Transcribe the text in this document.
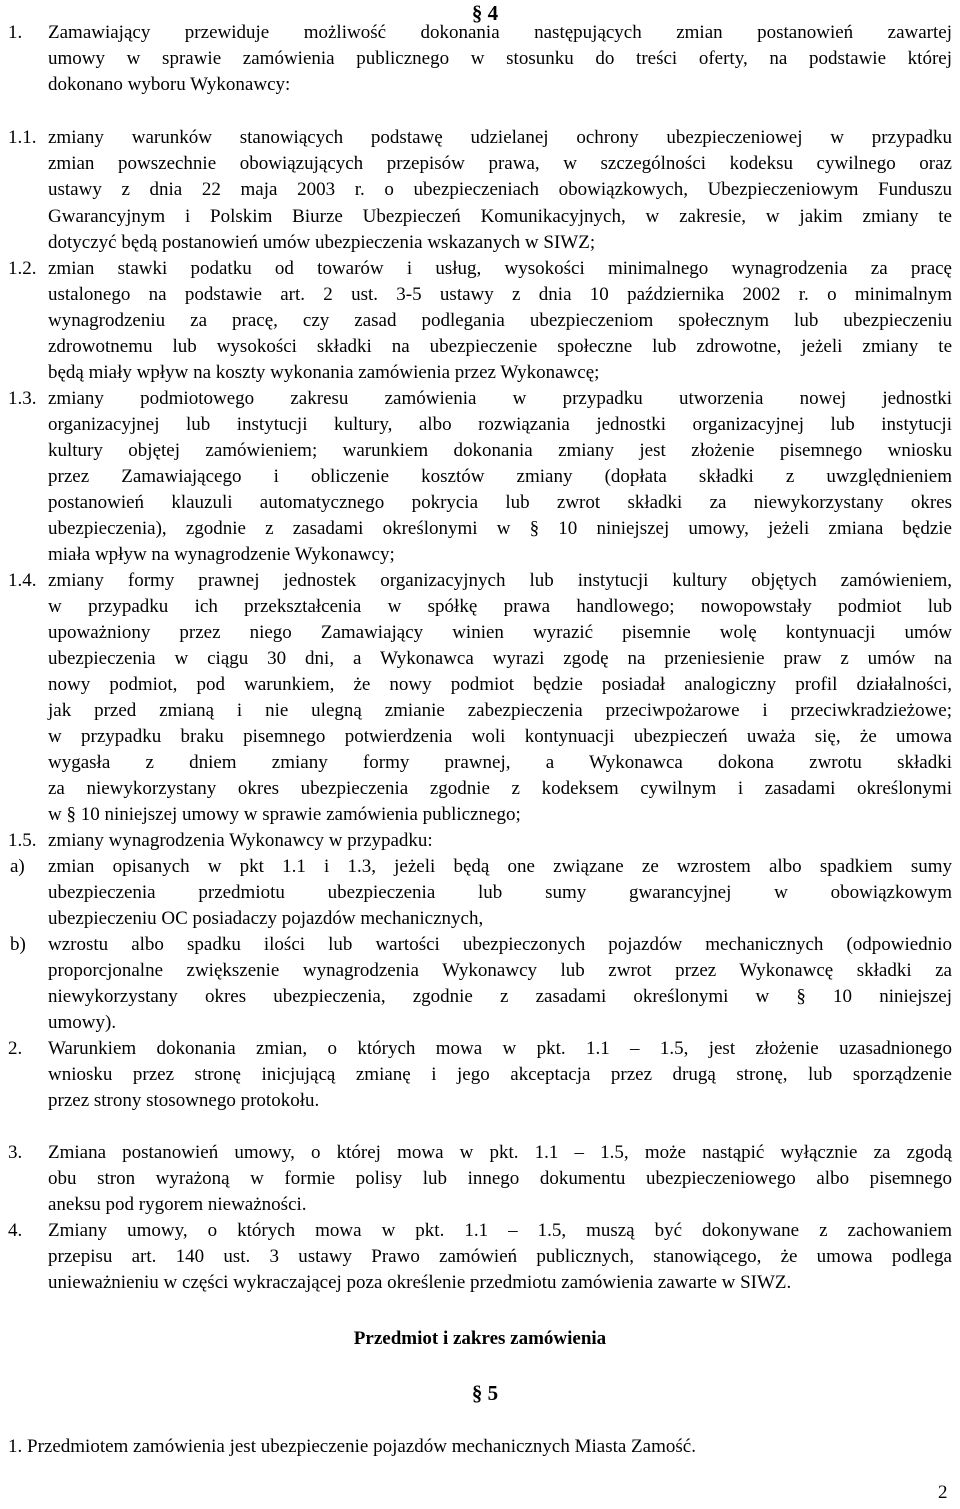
§ 4
1. Zamawiający przewiduje możliwość dokonania następujących zmian postanowień zawartej
umowy w sprawie zamówienia publicznego w stosunku do treści oferty, na podstawie której
dokonano wyboru Wykonawcy:
1.1. zmiany warunków stanowiących podstawę udzielanej ochrony ubezpieczeniowej w przypadku
zmian powszechnie obowiązujących przepisów prawa, w szczególności kodeksu cywilnego oraz
ustawy z dnia 22 maja 2003 r. o ubezpieczeniach obowiązkowych, Ubezpieczeniowym Funduszu
Gwarancyjnym i Polskim Biurze Ubezpieczeń Komunikacyjnych, w zakresie, w jakim zmiany te
dotyczyć będą postanowień umów ubezpieczenia wskazanych w SIWZ;
1.2. zmian stawki podatku od towarów i usług, wysokości minimalnego wynagrodzenia za pracę
ustalonego na podstawie art. 2 ust. 3-5 ustawy z dnia 10 października 2002 r. o minimalnym
wynagrodzeniu za pracę, czy zasad podlegania ubezpieczeniom społecznym lub ubezpieczeniu
zdrowotnemu lub wysokości składki na ubezpieczenie społeczne lub zdrowotne, jeżeli zmiany te
będą miały wpływ na koszty wykonania zamówienia przez Wykonawcę;
1.3. zmiany podmiotowego zakresu zamówienia w przypadku utworzenia nowej jednostki
organizacyjnej lub instytucji kultury, albo rozwiązania jednostki organizacyjnej lub instytucji
kultury objętej zamówieniem; warunkiem dokonania zmiany jest złożenie pisemnego wniosku
przez Zamawiającego i obliczenie kosztów zmiany (dopłata składki z uwzględnieniem
postanowień klauzuli automatycznego pokrycia lub zwrot składki za niewykorzystany okres
ubezpieczenia), zgodnie z zasadami określonymi w § 10 niniejszej umowy, jeżeli zmiana będzie
miała wpływ na wynagrodzenie Wykonawcy;
1.4. zmiany formy prawnej jednostek organizacyjnych lub instytucji kultury objętych zamówieniem,
w przypadku ich przekształcenia w spółkę prawa handlowego; nowopowstały podmiot lub
upoważniony przez niego Zamawiający winien wyrazić pisemnie wolę kontynuacji umów
ubezpieczenia w ciągu 30 dni, a Wykonawca wyrazi zgodę na przeniesienie praw z umów na
nowy podmiot, pod warunkiem, że nowy podmiot będzie posiadał analogiczny profil działalności,
jak przed zmianą i nie ulegną zmianie zabezpieczenia przeciwpożarowe i przeciwkradzieżowe;
w przypadku braku pisemnego potwierdzenia woli kontynuacji ubezpieczeń uważa się, że umowa
wygasła z dniem zmiany formy prawnej, a Wykonawca dokona zwrotu składki
za niewykorzystany okres ubezpieczenia zgodnie z kodeksem cywilnym i zasadami określonymi
w § 10 niniejszej umowy w sprawie zamówienia publicznego;
1.5. zmiany wynagrodzenia Wykonawcy w przypadku:
a) zmian opisanych w pkt 1.1 i 1.3, jeżeli będą one związane ze wzrostem albo spadkiem sumy
ubezpieczenia przedmiotu ubezpieczenia lub sumy gwarancyjnej w obowiązkowym
ubezpieczeniu OC posiadaczy pojazdów mechanicznych,
b) wzrostu albo spadku ilości lub wartości ubezpieczonych pojazdów mechanicznych (odpowiednio
proporcjonalne zwiększenie wynagrodzenia Wykonawcy lub zwrot przez Wykonawcę składki za
niewykorzystany okres ubezpieczenia, zgodnie z zasadami określonymi w § 10 niniejszej
umowy).
2. Warunkiem dokonania zmian, o których mowa w pkt. 1.1 – 1.5, jest złożenie uzasadnionego
wniosku przez stronę inicjującą zmianę i jego akceptacja przez drugą stronę, lub sporządzenie
przez strony stosownego protokołu.
3. Zmiana postanowień umowy, o której mowa w pkt. 1.1 – 1.5, może nastąpić wyłącznie za zgodą
obu stron wyrażoną w formie polisy lub innego dokumentu ubezpieczeniowego albo pisemnego
aneksu pod rygorem nieważności.
4. Zmiany umowy, o których mowa w pkt. 1.1 – 1.5, muszą być dokonywane z zachowaniem
przepisu art. 140 ust. 3 ustawy Prawo zamówień publicznych, stanowiącego, że umowa podlega
unieważnieniu w części wykraczającej poza określenie przedmiotu zamówienia zawarte w SIWZ.
Przedmiot i zakres zamówienia
§ 5
1. Przedmiotem zamówienia jest ubezpieczenie pojazdów mechanicznych Miasta Zamość.
2
